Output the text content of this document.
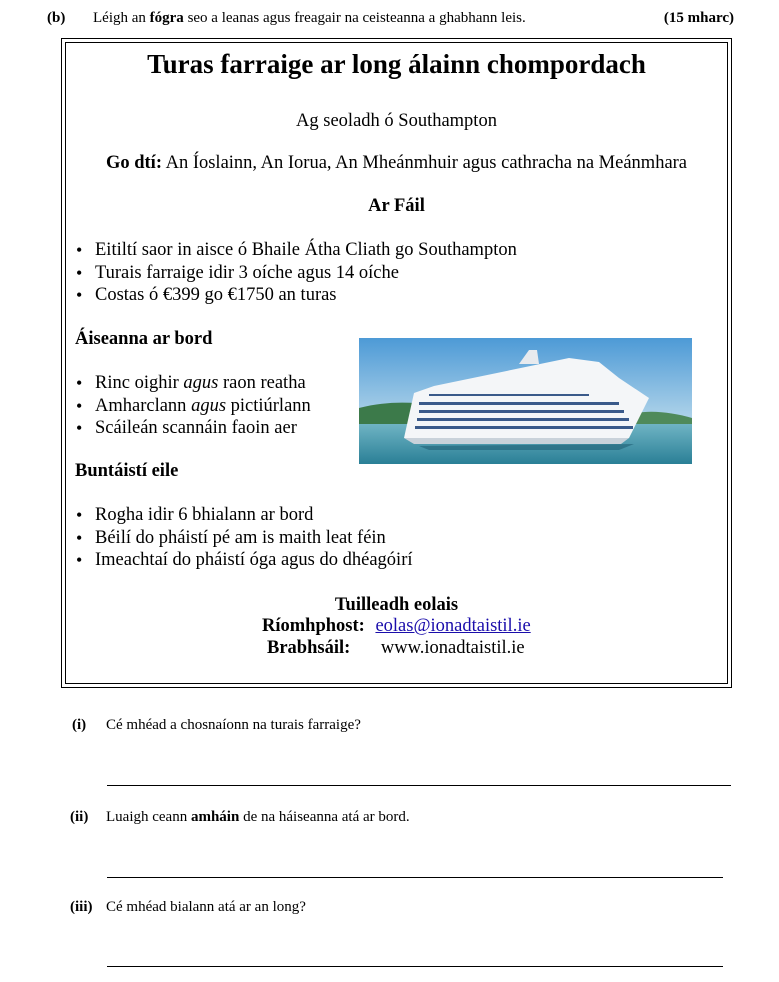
(b) Léigh an fógra seo a leanas agus freagair na ceisteanna a ghabhann leis.	(15 mharc)
Turas farraige ar long álainn chompordach
Ag seoladh ó Southampton
Go dtí: An Íoslainn, An Iorua, An Mheánmhuir agus cathracha na Meánmhara
Ar Fáil
• Eitiltí saor in aisce ó Bhaile Átha Cliath go Southampton
• Turais farraige idir 3 oíche agus 14 oíche
• Costas ó €399 go €1750 an turas
Áiseanna ar bord
• Rinc oighir agus raon reatha
• Amharclann agus pictiúrlann
• Scáileán scannáin faoin aer
Buntáistí eile
• Rogha idir 6 bhialann ar bord
• Béilí do pháistí pé am is maith leat féin
• Imeachtaí do pháistí óga agus do dhéagóirí
Tuilleadh eolais
Ríomhphost: eolas@ionadtaistil.ie
Brabhsáil: www.ionadtaistil.ie
(i) Cé mhéad a chosnaíonn na turais farraige?
(ii) Luaigh ceann amháin de na háiseanna atá ar bord.
(iii) Cé mhéad bialann atá ar an long?
